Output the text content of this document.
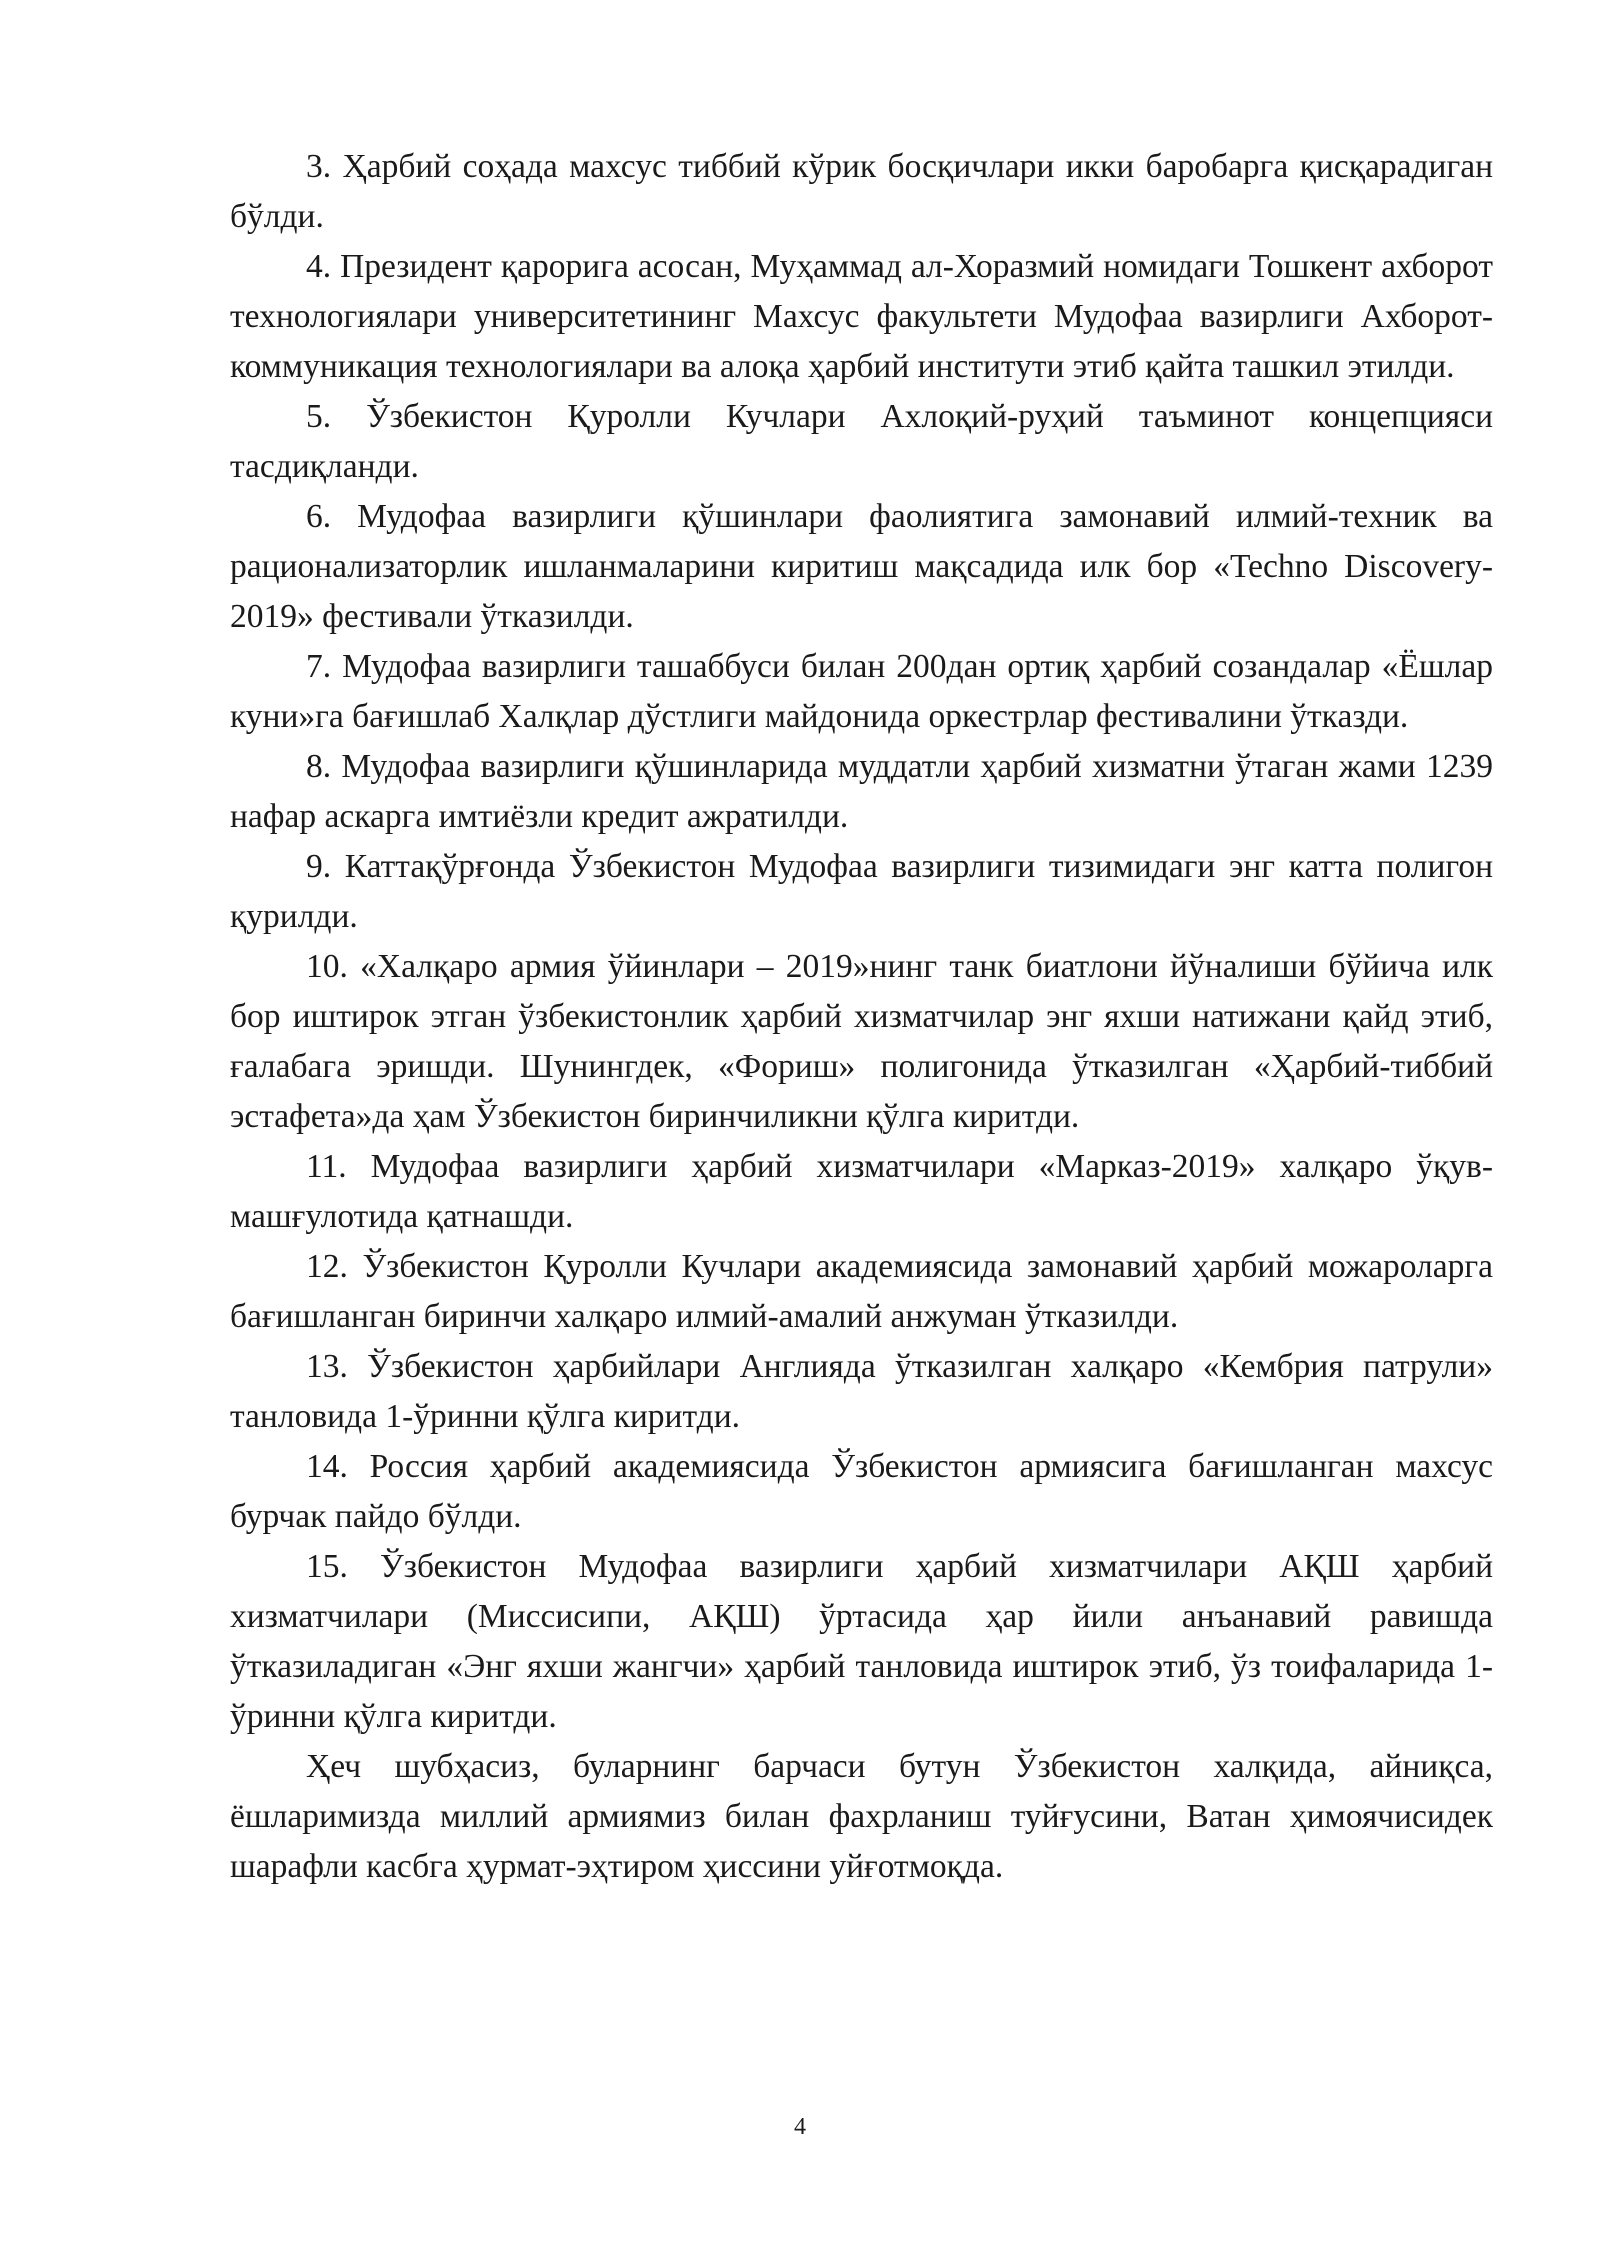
3. Ҳарбий соҳада махсус тиббий кўрик босқичлари икки баробарга қисқарадиган бўлди.

4. Президент қарорига асосан, Муҳаммад ал-Хоразмий номидаги Тошкент ахборот технологиялари университетининг Махсус факультети Мудофаа вазирлиги Ахборот-коммуникация технологиялари ва алоқа ҳарбий институти этиб қайта ташкил этилди.

5. Ўзбекистон Қуролли Кучлари Ахлоқий-руҳий таъминот концепцияси тасдиқланди.

6. Мудофаа вазирлиги қўшинлари фаолиятига замонавий илмий-техник ва рационализаторлик ишланмаларини киритиш мақсадида илк бор «Techno Discovery-2019» фестивали ўтказилди.

7. Мудофаа вазирлиги ташаббуси билан 200дан ортиқ ҳарбий созандалар «Ёшлар куни»га бағишлаб Халқлар дўстлиги майдонида оркестрлар фестивалини ўтказди.

8. Мудофаа вазирлиги қўшинларида муддатли ҳарбий хизматни ўтаган жами 1239 нафар аскарга имтиёзли кредит ажратилди.

9. Каттақўрғонда Ўзбекистон Мудофаа вазирлиги тизимидаги энг катта полигон қурилди.

10. «Халқаро армия ўйинлари – 2019»нинг танк биатлони йўналиши бўйича илк бор иштирок этган ўзбекистонлик ҳарбий хизматчилар энг яхши натижани қайд этиб, ғалабага эришди. Шунингдек, «Фориш» полигонида ўтказилган «Ҳарбий-тиббий эстафета»да ҳам Ўзбекистон биринчиликни қўлга киритди.

11. Мудофаа вазирлиги ҳарбий хизматчилари «Марказ-2019» халқаро ўқув-машғулотида қатнашди.

12. Ўзбекистон Қуролли Кучлари академиясида замонавий ҳарбий можароларга бағишланган биринчи халқаро илмий-амалий анжуман ўтказилди.

13. Ўзбекистон ҳарбийлари Англияда ўтказилган халқаро «Кембрия патрули» танловида 1-ўринни қўлга киритди.

14. Россия ҳарбий академиясида Ўзбекистон армиясига бағишланган махсус бурчак пайдо бўлди.

15. Ўзбекистон Мудофаа вазирлиги ҳарбий хизматчилари АҚШ ҳарбий хизматчилари (Миссисипи, АҚШ) ўртасида ҳар йили анъанавий равишда ўтказиладиган «Энг яхши жангчи» ҳарбий танловида иштирок этиб, ўз тоифаларида 1-ўринни қўлга киритди.

Ҳеч шубҳасиз, буларнинг барчаси бутун Ўзбекистон халқида, айниқса, ёшларимизда миллий армиямиз билан фахрланиш туйғусини, Ватан ҳимоячисидек шарафли касбга ҳурмат-эҳтиром ҳиссини уйғотмоқда.

4
